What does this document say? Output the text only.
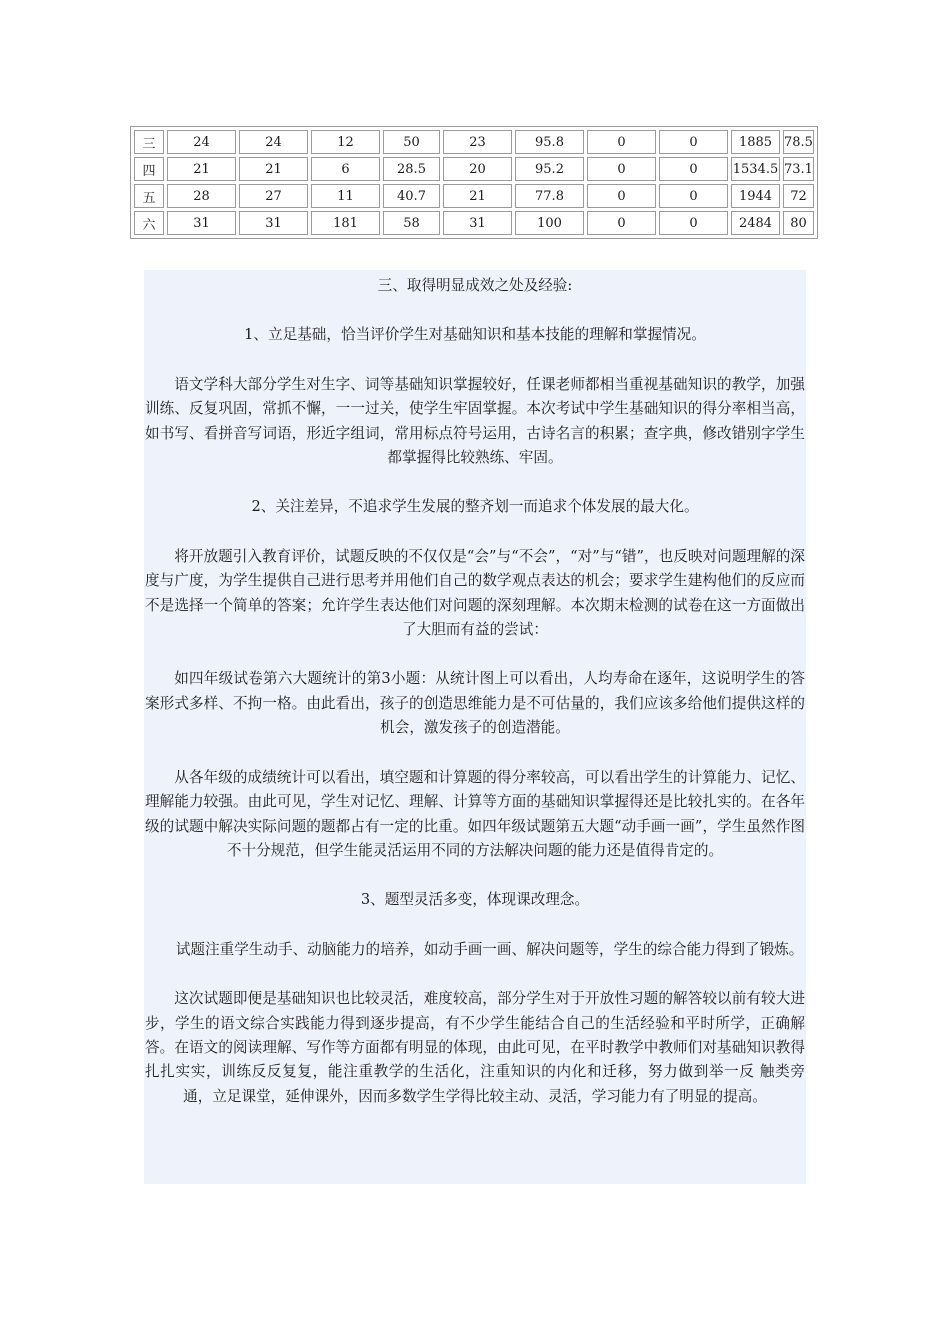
三	24	24	12	50	23	95.8	0	0	1885	78.5
四	21	21	6	28.5	20	95.2	0	0	1534.5	73.1
五	28	27	11	40.7	21	77.8	0	0	1944	72
六	31	31	181	58	31	100	0	0	2484	80

三、取得明显成效之处及经验:

1、立足基础，恰当评价学生对基础知识和基本技能的理解和掌握情况。

语文学科大部分学生对生字、词等基础知识掌握较好，任课老师都相当重视基础知识的教学，加强训练、反复巩固，常抓不懈，一一过关，使学生牢固掌握。本次考试中学生基础知识的得分率相当高，如书写、看拼音写词语，形近字组词，常用标点符号运用，古诗名言的积累；查字典，修改错别字学生都掌握得比较熟练、牢固。

2、关注差异，不追求学生发展的整齐划一而追求个体发展的最大化。

将开放题引入教育评价，试题反映的不仅仅是“会”与“不会”，“对”与“错”，也反映对问题理解的深度与广度，为学生提供自己进行思考并用他们自己的数学观点表达的机会；要求学生建构他们的反应而不是选择一个简单的答案；允许学生表达他们对问题的深刻理解。本次期末检测的试卷在这一方面做出了大胆而有益的尝试：

如四年级试卷第六大题统计的第3小题：从统计图上可以看出，人均寿命在逐年，这说明学生的答案形式多样、不拘一格。由此看出，孩子的创造思维能力是不可估量的，我们应该多给他们提供这样的机会，激发孩子的创造潜能。

从各年级的成绩统计可以看出，填空题和计算题的得分率较高，可以看出学生的计算能力、记忆、理解能力较强。由此可见，学生对记忆、理解、计算等方面的基础知识掌握得还是比较扎实的。在各年级的试题中解决实际问题的题都占有一定的比重。如四年级试题第五大题“动手画一画”，学生虽然作图不十分规范，但学生能灵活运用不同的方法解决问题的能力还是值得肯定的。

3、题型灵活多变，体现课改理念。

试题注重学生动手、动脑能力的培养，如动手画一画、解决问题等，学生的综合能力得到了锻炼。

这次试题即便是基础知识也比较灵活，难度较高，部分学生对于开放性习题的解答较以前有较大进步，学生的语文综合实践能力得到逐步提高，有不少学生能结合自己的生活经验和平时所学，正确解答。在语文的阅读理解、写作等方面都有明显的体现，由此可见，在平时教学中教师们对基础知识教得扎扎实实，训练反反复复，能注重教学的生活化，注重知识的内化和迁移，努力做到举一反 触类旁通，立足课堂，延伸课外，因而多数学生学得比较主动、灵活，学习能力有了明显的提高。
